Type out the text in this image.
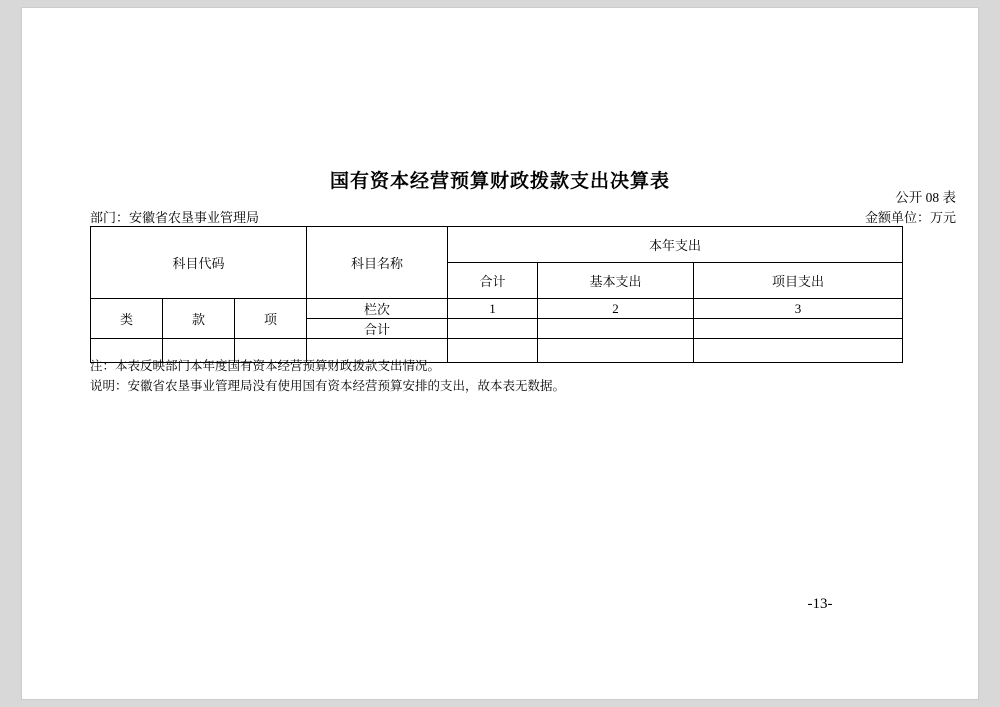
国有资本经营预算财政拨款支出决算表
公开 08 表
部门：安徽省农垦事业管理局	金额单位：万元
科目代码			科目名称	本年支出		
				合计	基本支出	项目支出
类	款	项	栏次	1	2	3
			合计			

注：本表反映部门本年度国有资本经营预算财政拨款支出情况。
说明：安徽省农垦事业管理局没有使用国有资本经营预算安排的支出，故本表无数据。
-13-
